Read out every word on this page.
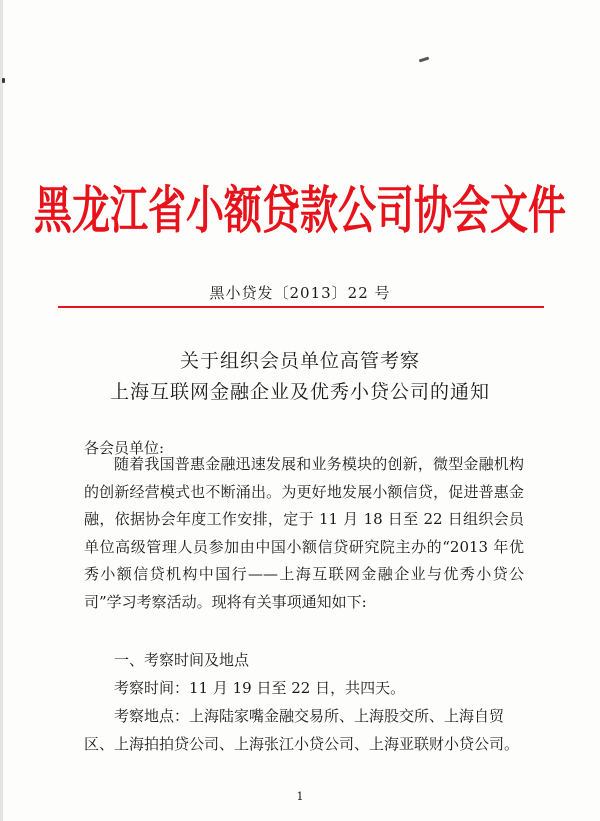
黑龙江省小额贷款公司协会文件
黑小贷发〔2013〕22 号
关于组织会员单位高管考察
上海互联网金融企业及优秀小贷公司的通知
各会员单位:
随着我国普惠金融迅速发展和业务模块的创新，微型金融机构的创新经营模式也不断涌出。为更好地发展小额信贷，促进普惠金融，依据协会年度工作安排，定于 11 月 18 日至 22 日组织会员单位高级管理人员参加由中国小额信贷研究院主办的“2013 年优秀小额信贷机构中国行——上海互联网金融企业与优秀小贷公司”学习考察活动。现将有关事项通知如下:
一、考察时间及地点
考察时间：11 月 19 日至 22 日，共四天。
考察地点：上海陆家嘴金融交易所、上海股交所、上海自贸
区、上海拍拍贷公司、上海张江小贷公司、上海亚联财小贷公司。
1
